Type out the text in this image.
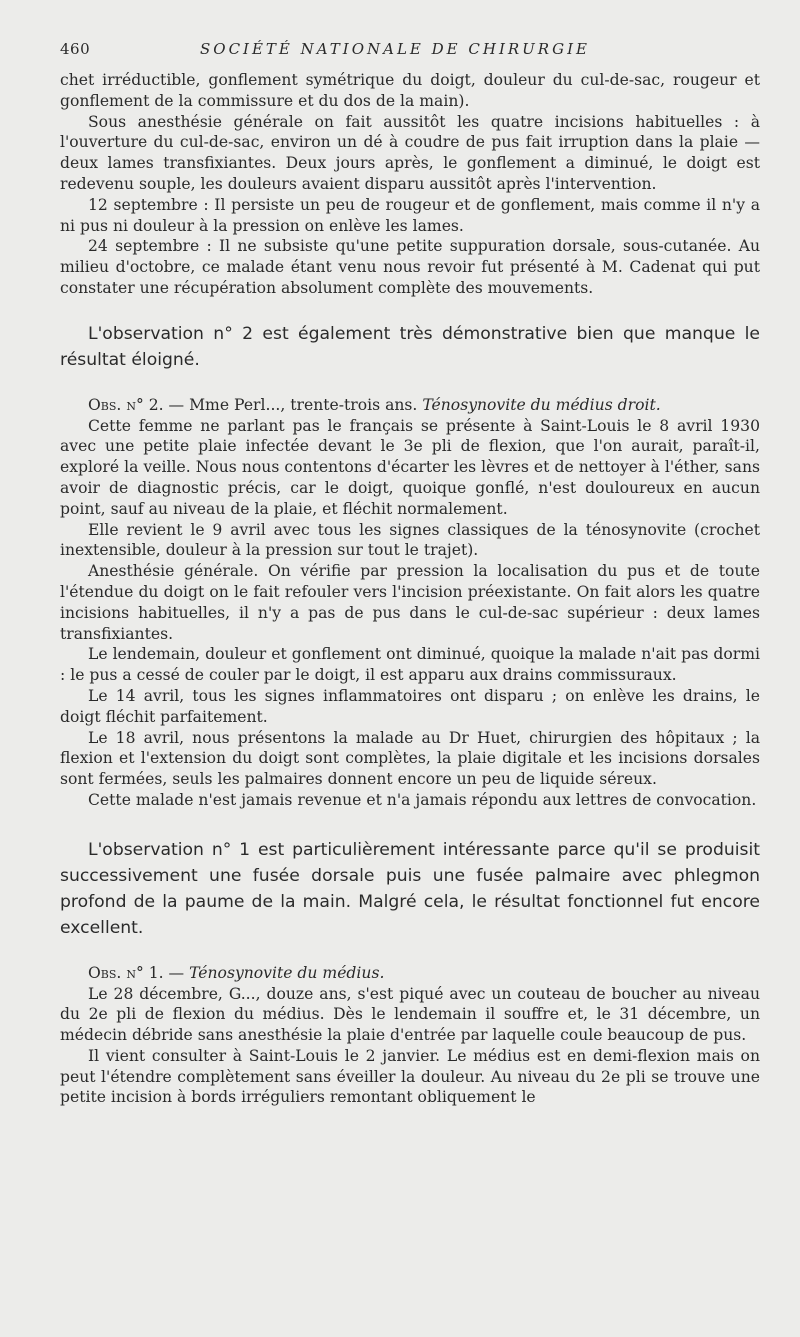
460	SOCIÉTÉ NATIONALE DE CHIRURGIE

chet irréductible, gonflement symétrique du doigt, douleur du cul-de-sac, rougeur et gonflement de la commissure et du dos de la main).

Sous anesthésie générale on fait aussitôt les quatre incisions habituelles : à l'ouverture du cul-de-sac, environ un dé à coudre de pus fait irruption dans la plaie — deux lames transfixiantes. Deux jours après, le gonflement a diminué, le doigt est redevenu souple, les douleurs avaient disparu aussitôt après l'intervention.

12 septembre : Il persiste un peu de rougeur et de gonflement, mais comme il n'y a ni pus ni douleur à la pression on enlève les lames.

24 septembre : Il ne subsiste qu'une petite suppuration dorsale, sous-cutanée. Au milieu d'octobre, ce malade étant venu nous revoir fut présenté à M. Cadenat qui put constater une récupération absolument complète des mouvements.

L'observation n° 2 est également très démonstrative bien que manque le résultat éloigné.

Obs. n° 2. — Mme Perl..., trente-trois ans. Ténosynovite du médius droit.

Cette femme ne parlant pas le français se présente à Saint-Louis le 8 avril 1930 avec une petite plaie infectée devant le 3e pli de flexion, que l'on aurait, paraît-il, exploré la veille. Nous nous contentons d'écarter les lèvres et de nettoyer à l'éther, sans avoir de diagnostic précis, car le doigt, quoique gonflé, n'est douloureux en aucun point, sauf au niveau de la plaie, et fléchit normalement.

Elle revient le 9 avril avec tous les signes classiques de la ténosynovite (crochet inextensible, douleur à la pression sur tout le trajet).

Anesthésie générale. On vérifie par pression la localisation du pus et de toute l'étendue du doigt on le fait refouler vers l'incision préexistante. On fait alors les quatre incisions habituelles, il n'y a pas de pus dans le cul-de-sac supérieur : deux lames transfixiantes.

Le lendemain, douleur et gonflement ont diminué, quoique la malade n'ait pas dormi : le pus a cessé de couler par le doigt, il est apparu aux drains commissuraux.

Le 14 avril, tous les signes inflammatoires ont disparu ; on enlève les drains, le doigt fléchit parfaitement.

Le 18 avril, nous présentons la malade au Dr Huet, chirurgien des hôpitaux ; la flexion et l'extension du doigt sont complètes, la plaie digitale et les incisions dorsales sont fermées, seuls les palmaires donnent encore un peu de liquide séreux.

Cette malade n'est jamais revenue et n'a jamais répondu aux lettres de convocation.

L'observation n° 1 est particulièrement intéressante parce qu'il se produisit successivement une fusée dorsale puis une fusée palmaire avec phlegmon profond de la paume de la main. Malgré cela, le résultat fonctionnel fut encore excellent.

Obs. n° 1. — Ténosynovite du médius.

Le 28 décembre, G..., douze ans, s'est piqué avec un couteau de boucher au niveau du 2e pli de flexion du médius. Dès le lendemain il souffre et, le 31 décembre, un médecin débride sans anesthésie la plaie d'entrée par laquelle coule beaucoup de pus.

Il vient consulter à Saint-Louis le 2 janvier. Le médius est en demi-flexion mais on peut l'étendre complètement sans éveiller la douleur. Au niveau du 2e pli se trouve une petite incision à bords irréguliers remontant obliquement le
